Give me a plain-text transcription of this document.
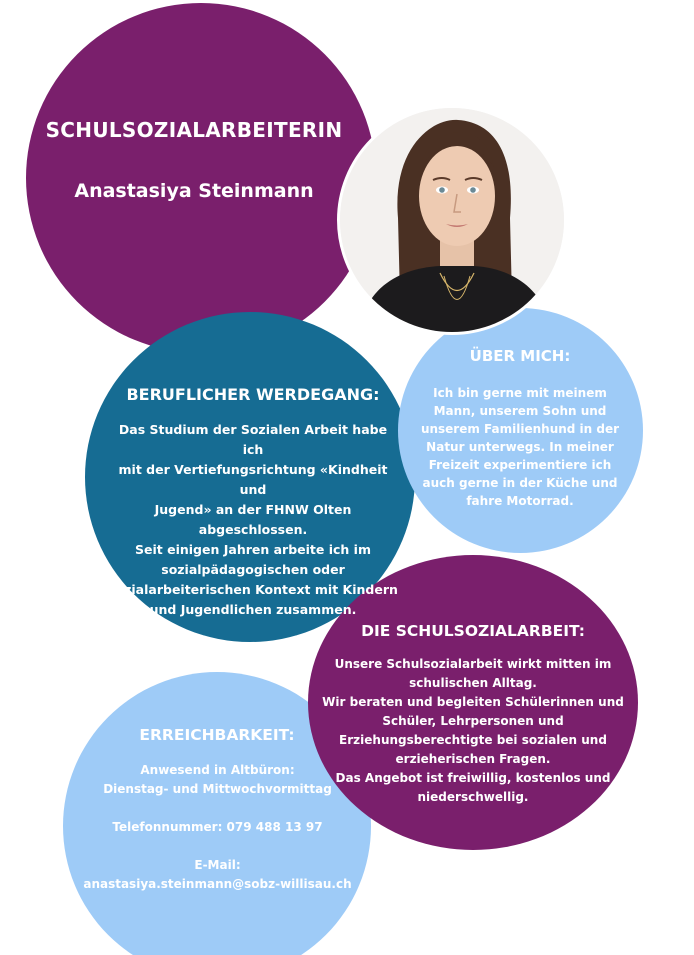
SCHULSOZIALARBEITERIN
Anastasiya Steinmann
BERUFLICHER WERDEGANG:
Das Studium der Sozialen Arbeit habe ich
mit der Vertiefungsrichtung «Kindheit und
Jugend» an der FHNW Olten abgeschlossen.
Seit einigen Jahren arbeite ich im
sozialpädagogischen oder
sozialarbeiterischen Kontext mit Kindern
und Jugendlichen zusammen.
ÜBER MICH:
Ich bin gerne mit meinem
Mann, unserem Sohn und
unserem Familienhund in der
Natur unterwegs. In meiner
Freizeit experimentiere ich
auch gerne in der Küche und
fahre Motorrad.
ERREICHBARKEIT:
Anwesend in Altbüron:
Dienstag- und Mittwochvormittag
Telefonnummer: 079 488 13 97
E-Mail:
anastasiya.steinmann@sobz-willisau.ch
DIE SCHULSOZIALARBEIT:
Unsere Schulsozialarbeit wirkt mitten im
schulischen Alltag.
Wir beraten und begleiten Schülerinnen und
Schüler, Lehrpersonen und
Erziehungsberechtigte bei sozialen und
erzieherischen Fragen.
Das Angebot ist freiwillig, kostenlos und
niederschwellig.
